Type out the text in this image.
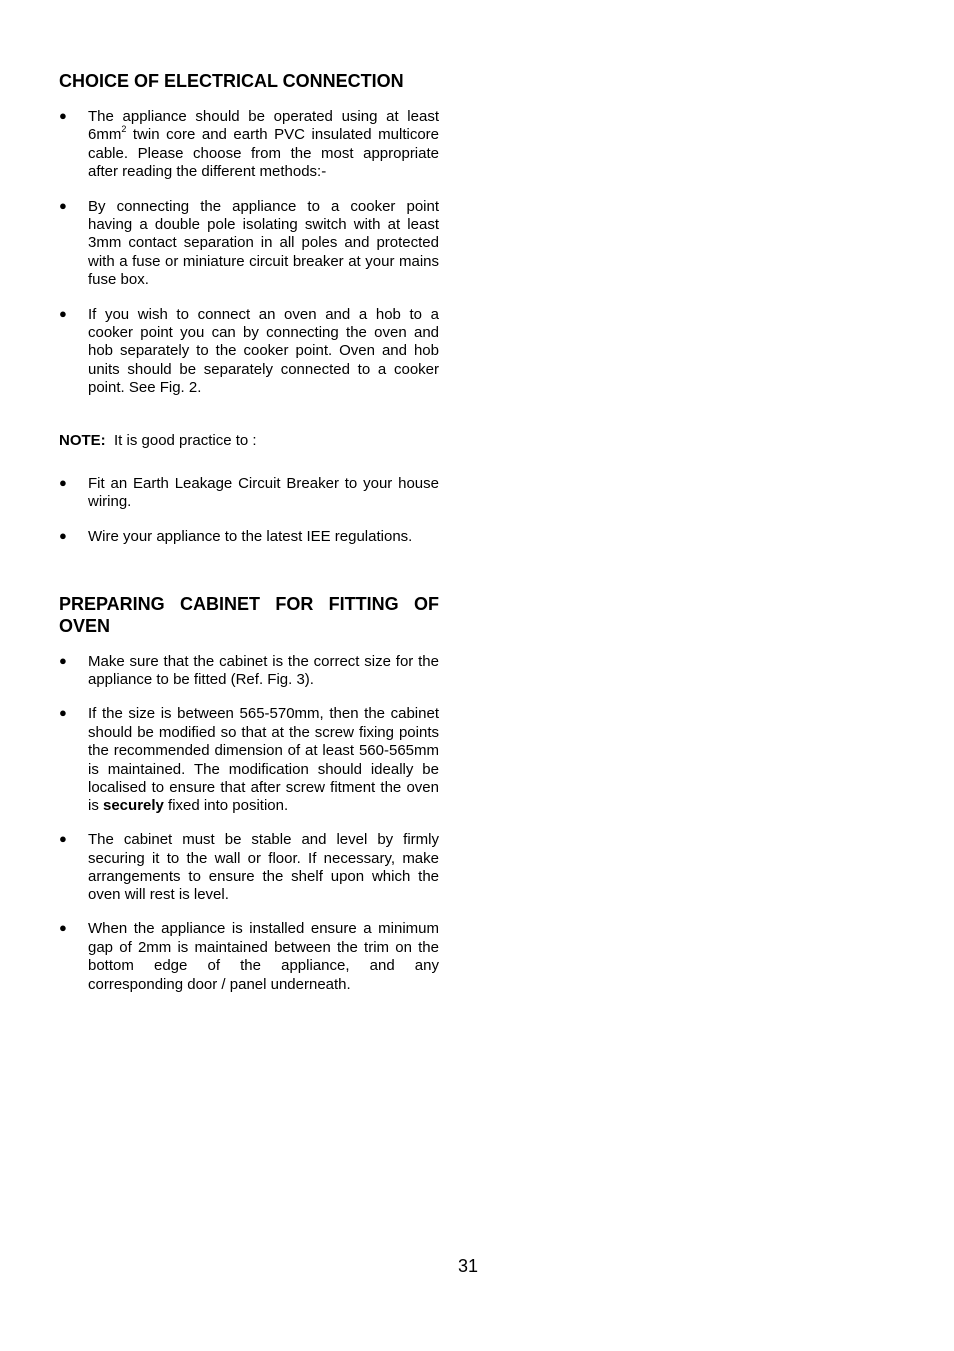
CHOICE OF ELECTRICAL CONNECTION
● The appliance should be operated using at least $6mm^2$ twin core and earth PVC insulated multicore cable. Please choose from the most appropriate after reading the different methods:-
● By connecting the appliance to a cooker point having a double pole isolating switch with at least 3mm contact separation in all poles and protected with a fuse or miniature circuit breaker at your mains fuse box.
● If you wish to connect an oven and a hob to a cooker point you can by connecting the oven and hob separately to the cooker point. Oven and hob units should be separately connected to a cooker point. See Fig. 2.
NOTE:  It is good practice to :
● Fit an Earth Leakage Circuit Breaker to your house wiring.
● Wire your appliance to the latest IEE regulations.
PREPARING CABINET FOR FITTING OF
OVEN
● Make sure that the cabinet is the correct size for the appliance to be fitted (Ref. Fig. 3).
● If the size is between 565-570mm, then the cabinet should be modified so that at the screw fixing points the recommended dimension of at least 560-565mm is maintained. The modification should ideally be localised to ensure that after screw fitment the oven is securely fixed into position.
● The cabinet must be stable and level by firmly securing it to the wall or floor. If necessary, make arrangements to ensure the shelf upon which the oven will rest is level.
● When the appliance is installed ensure a minimum gap of 2mm is maintained between the trim on the bottom edge of the appliance, and any corresponding door / panel underneath.
31
